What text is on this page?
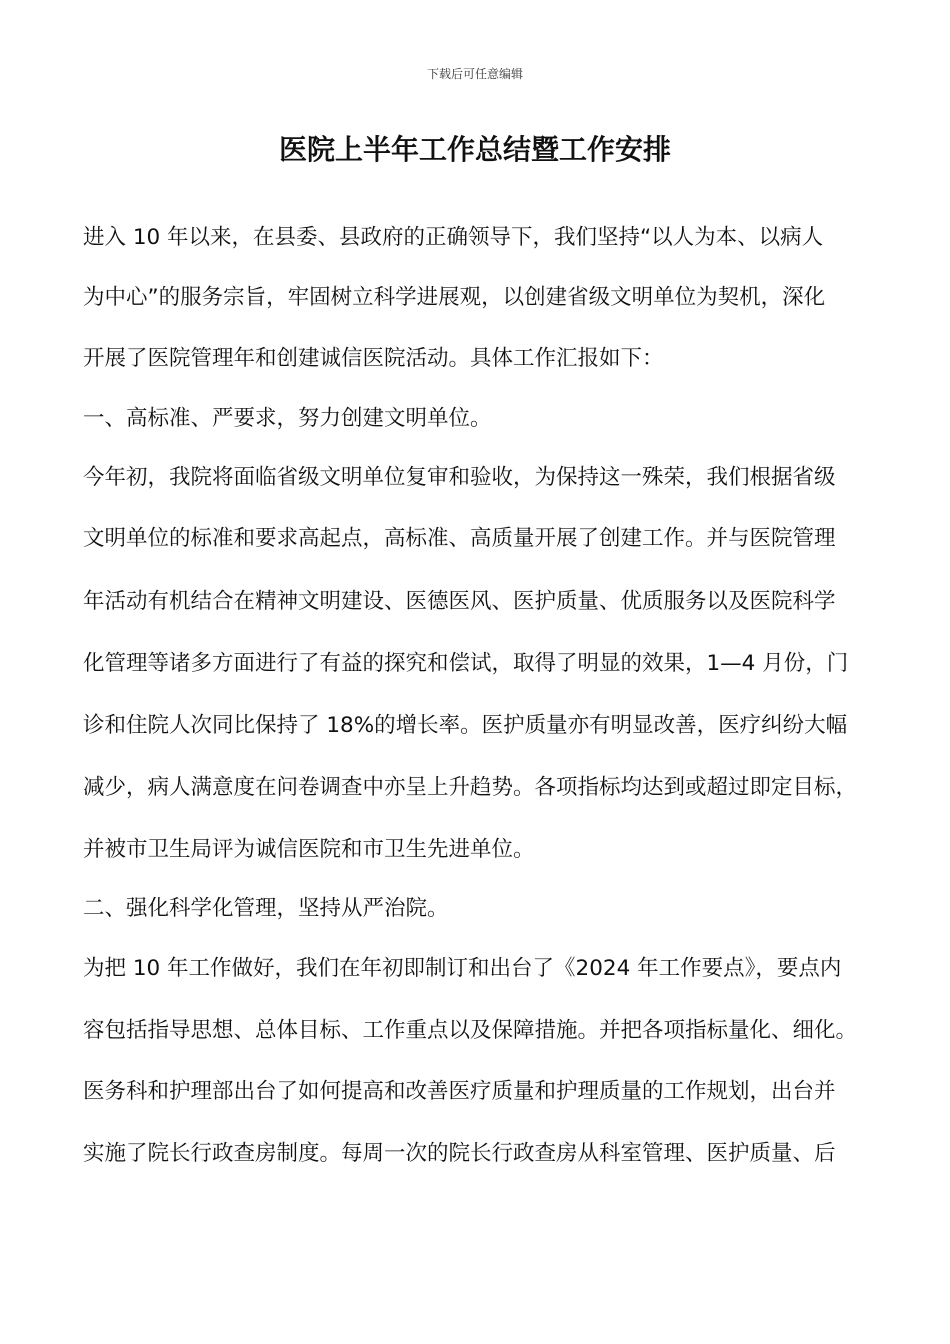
下载后可任意编辑
医院上半年工作总结暨工作安排
进入 10 年以来，在县委、县政府的正确领导下，我们坚持“以人为本、以病人
为中心”的服务宗旨，牢固树立科学进展观，以创建省级文明单位为契机，深化
开展了医院管理年和创建诚信医院活动。具体工作汇报如下：
一、高标准、严要求，努力创建文明单位。
今年初，我院将面临省级文明单位复审和验收，为保持这一殊荣，我们根据省级
文明单位的标准和要求高起点，高标准、高质量开展了创建工作。并与医院管理
年活动有机结合在精神文明建设、医德医风、医护质量、优质服务以及医院科学
化管理等诸多方面进行了有益的探究和偿试，取得了明显的效果，1—4 月份，门
诊和住院人次同比保持了 18%的增长率。医护质量亦有明显改善，医疗纠纷大幅
减少，病人满意度在问卷调查中亦呈上升趋势。各项指标均达到或超过即定目标，
并被市卫生局评为诚信医院和市卫生先进单位。
二、强化科学化管理，坚持从严治院。
为把 10 年工作做好，我们在年初即制订和出台了《2024 年工作要点》，要点内
容包括指导思想、总体目标、工作重点以及保障措施。并把各项指标量化、细化。
医务科和护理部出台了如何提高和改善医疗质量和护理质量的工作规划，出台并
实施了院长行政查房制度。每周一次的院长行政查房从科室管理、医护质量、后
